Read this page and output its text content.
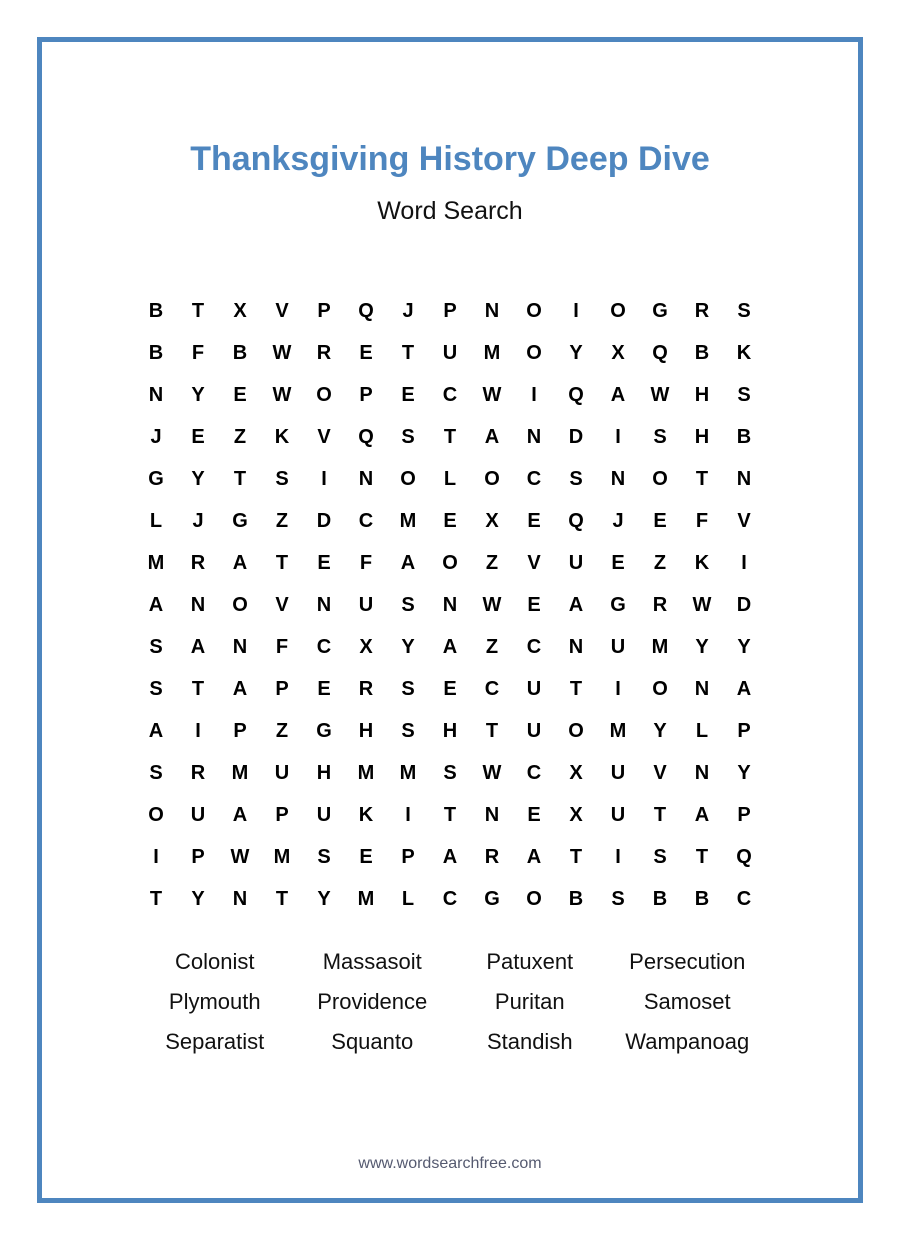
Thanksgiving History Deep Dive
Word Search
B	T	X	V	P	Q	J	P	N	O	I	O	G	R	S
B	F	B	W	R	E	T	U	M	O	Y	X	Q	B	K
N	Y	E	W	O	P	E	C	W	I	Q	A	W	H	S
J	E	Z	K	V	Q	S	T	A	N	D	I	S	H	B
G	Y	T	S	I	N	O	L	O	C	S	N	O	T	N
L	J	G	Z	D	C	M	E	X	E	Q	J	E	F	V
M	R	A	T	E	F	A	O	Z	V	U	E	Z	K	I
A	N	O	V	N	U	S	N	W	E	A	G	R	W	D
S	A	N	F	C	X	Y	A	Z	C	N	U	M	Y	Y
S	T	A	P	E	R	S	E	C	U	T	I	O	N	A
A	I	P	Z	G	H	S	H	T	U	O	M	Y	L	P
S	R	M	U	H	M	M	S	W	C	X	U	V	N	Y
O	U	A	P	U	K	I	T	N	E	X	U	T	A	P
I	P	W	M	S	E	P	A	R	A	T	I	S	T	Q
T	Y	N	T	Y	M	L	C	G	O	B	S	B	B	C
Colonist	Massasoit	Patuxent	Persecution
Plymouth	Providence	Puritan	Samoset
Separatist	Squanto	Standish	Wampanoag
www.wordsearchfree.com
